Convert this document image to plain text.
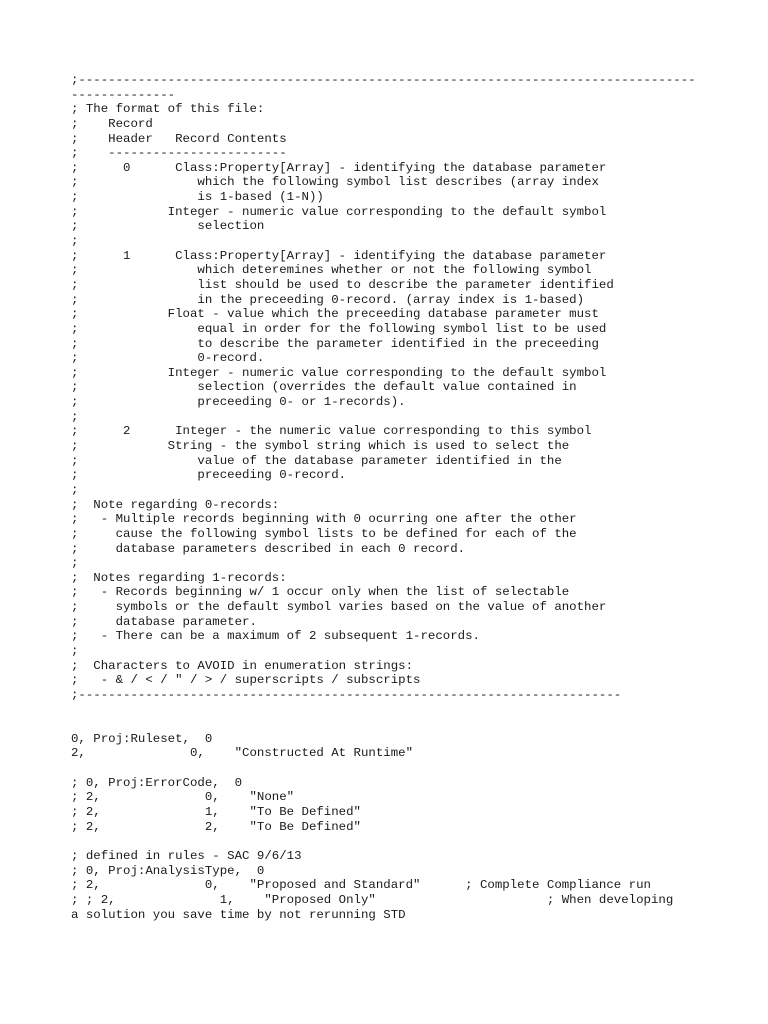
;-----------------------------------------------------------------------------------
--------------
; The format of this file:
;    Record
;    Header   Record Contents
;    ------------------------
;      0      Class:Property[Array] - identifying the database parameter
;                which the following symbol list describes (array index
;                is 1-based (1-N))
;            Integer - numeric value corresponding to the default symbol
;                selection
;
;      1      Class:Property[Array] - identifying the database parameter
;                which deteremines whether or not the following symbol
;                list should be used to describe the parameter identified
;                in the preceeding 0-record. (array index is 1-based)
;            Float - value which the preceeding database parameter must
;                equal in order for the following symbol list to be used
;                to describe the parameter identified in the preceeding
;                0-record.
;            Integer - numeric value corresponding to the default symbol
;                selection (overrides the default value contained in
;                preceeding 0- or 1-records).
;
;      2      Integer - the numeric value corresponding to this symbol
;            String - the symbol string which is used to select the
;                value of the database parameter identified in the
;                preceeding 0-record.
;
;  Note regarding 0-records:
;   - Multiple records beginning with 0 ocurring one after the other
;     cause the following symbol lists to be defined for each of the
;     database parameters described in each 0 record.
;
;  Notes regarding 1-records:
;   - Records beginning w/ 1 occur only when the list of selectable
;     symbols or the default symbol varies based on the value of another
;     database parameter.
;   - There can be a maximum of 2 subsequent 1-records.
;
;  Characters to AVOID in enumeration strings:
;   - & / < / " / > / superscripts / subscripts
;-------------------------------------------------------------------------
0, Proj:Ruleset,  0
2,              0,    "Constructed At Runtime"
; 0, Proj:ErrorCode,  0
; 2,              0,    "None"
; 2,              1,    "To Be Defined"
; 2,              2,    "To Be Defined"
; defined in rules - SAC 9/6/13
; 0, Proj:AnalysisType,  0
; 2,              0,    "Proposed and Standard"      ; Complete Compliance run
; ; 2,              1,    "Proposed Only"                       ; When developing
a solution you save time by not rerunning STD
